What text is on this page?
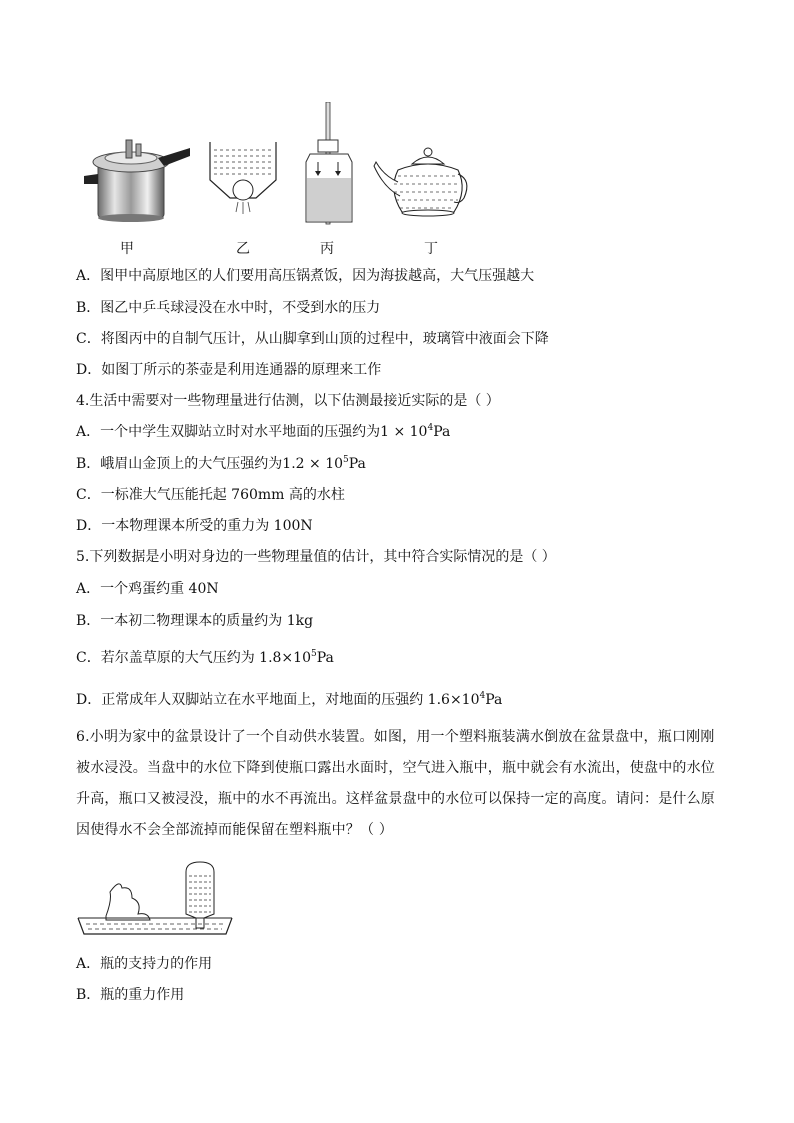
甲	乙	丙	丁
A．图甲中高原地区的人们要用高压锅煮饭，因为海拔越高，大气压强越大
B．图乙中乒乓球浸没在水中时，不受到水的压力
C．将图丙中的自制气压计，从山脚拿到山顶的过程中，玻璃管中液面会下降
D．如图丁所示的茶壶是利用连通器的原理来工作
4.生活中需要对一些物理量进行估测，以下估测最接近实际的是（ ）
A．一个中学生双脚站立时对水平地面的压强约为$1 \times 10^4Pa$
B．峨眉山金顶上的大气压强约为$1.2 \times 10^5Pa$
C．一标准大气压能托起 760mm 高的水柱
D．一本物理课本所受的重力为 100N
5.下列数据是小明对身边的一些物理量值的估计，其中符合实际情况的是（ ）
A．一个鸡蛋约重 40N
B．一本初二物理课本的质量约为 1kg
C．若尔盖草原的大气压约为 $1.8\times 10^5Pa$
D．正常成年人双脚站立在水平地面上，对地面的压强约 $1.6\times 10^4Pa$
6.小明为家中的盆景设计了一个自动供水装置。如图，用一个塑料瓶装满水倒放在盆景盘中，瓶口刚刚被水浸没。当盘中的水位下降到使瓶口露出水面时，空气进入瓶中，瓶中就会有水流出，使盘中的水位升高，瓶口又被浸没，瓶中的水不再流出。这样盆景盘中的水位可以保持一定的高度。请问：是什么原因使得水不会全部流掉而能保留在塑料瓶中？（ ）
A．瓶的支持力的作用
B．瓶的重力作用
